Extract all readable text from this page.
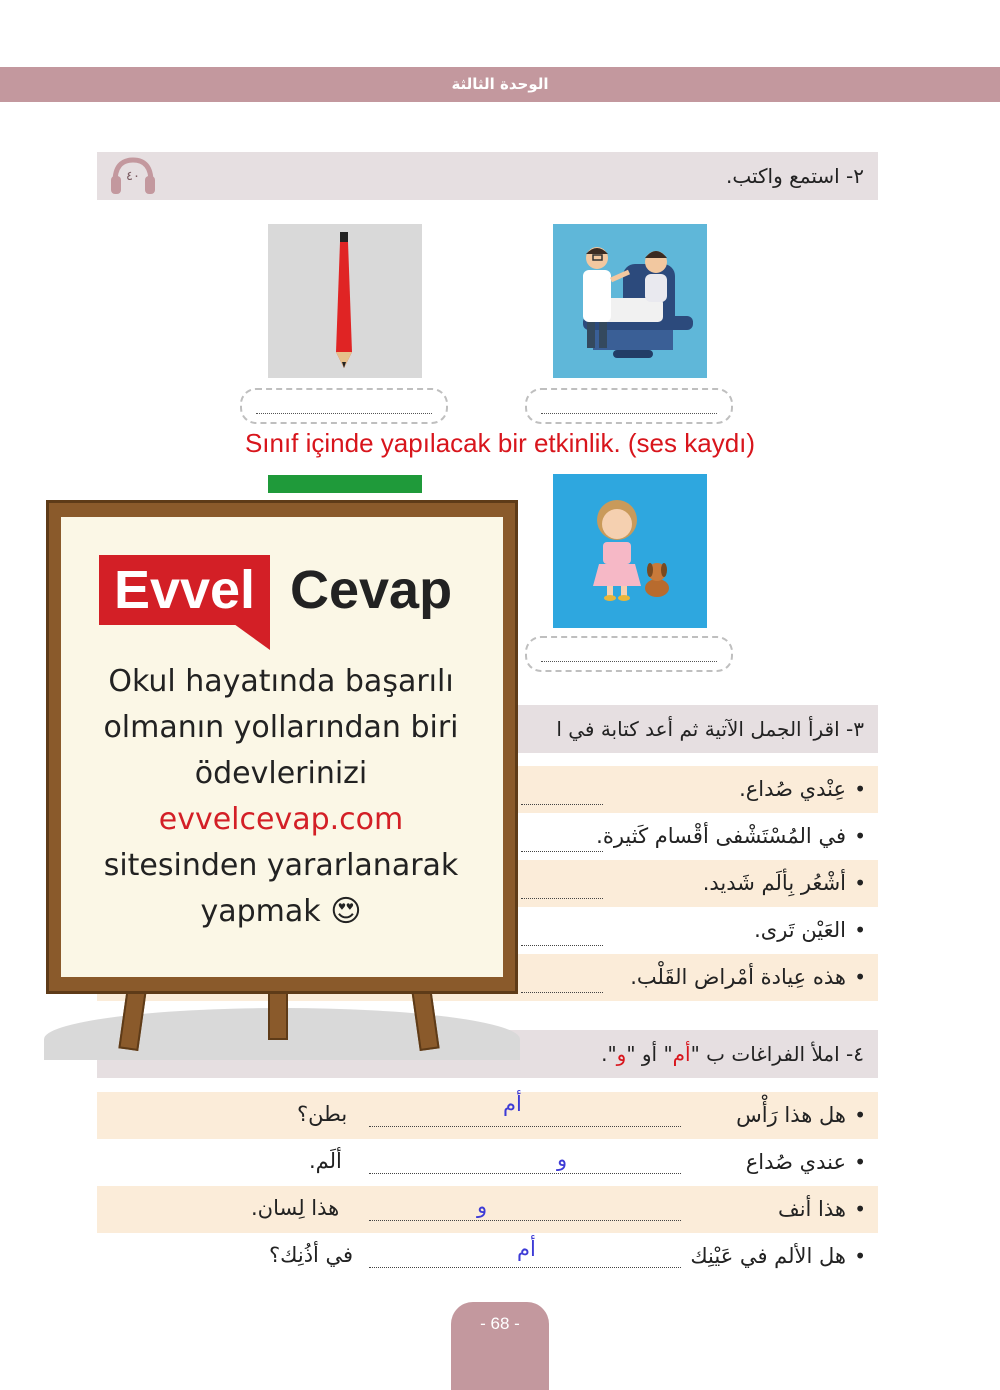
الوحدة الثالثة
٢- استمع واكتب.
٤٠
Sınıf içinde yapılacak bir etkinlik. (ses kaydı)
٣- اقرأ الجمل الآتية ثم أعد كتابة في ا
•
عِنْدي صُداع.
•
في المُسْتَشْفى أقْسام كَثيرة.
•
أشْعُر بِألَم شَديد.
•
العَيْن تَرى.
•
هذه عِيادة أمْراض القَلْب.
٤- املأ الفراغات ب "أم" أو "و".
•
هل هذا رَأْس
أم
بطن؟
•
عندي صُداع
و
ألَم.
•
هذا أنف
و
هذا لِسان.
•
هل الألم في عَيْنِك
أم
في أذُنِك؟
Evvel Cevap
Okul hayatında başarılı
olmanın yollarından biri
ödevlerinizi
evvelcevap.com
sitesinden yararlanarak
yapmak 😍
- 68 -
